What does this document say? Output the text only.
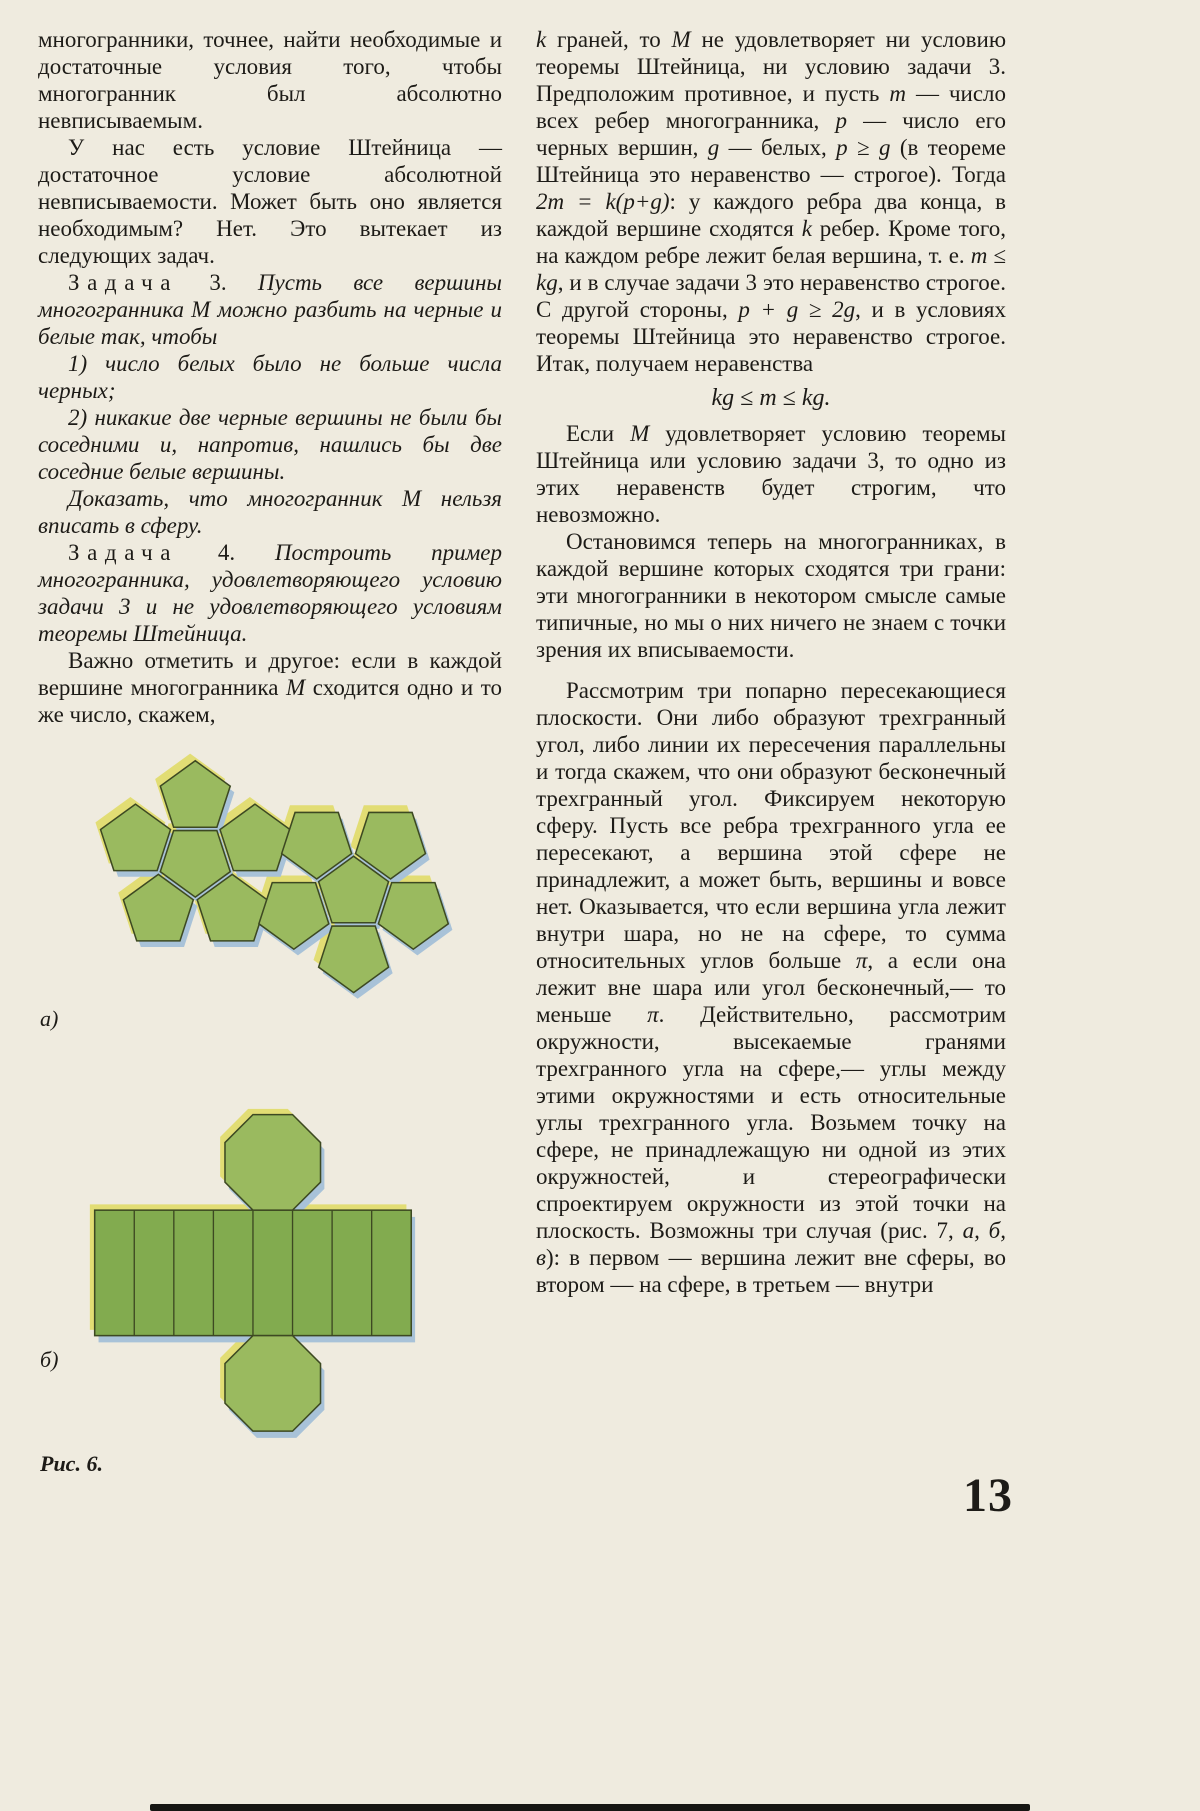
многогранники, точнее, найти необходимые и достаточные условия того, чтобы многогранник был абсолютно невписываемым.

У нас есть условие Штейница — достаточное условие абсолютной невписываемости. Может быть оно является необходимым? Нет. Это вытекает из следующих задач.

Задача 3. Пусть все вершины многогранника М можно разбить на черные и белые так, чтобы

1) число белых было не больше числа черных;

2) никакие две черные вершины не были бы соседними и, напротив, нашлись бы две соседние белые вершины.

Доказать, что многогранник М нельзя вписать в сферу.

Задача 4. Построить пример многогранника, удовлетворяющего условию задачи 3 и не удовлетворяющего условиям теоремы Штейница.

Важно отметить и другое: если в каждой вершине многогранника М сходится одно и то же число, скажем,

а)
б)
Рис. 6.

k граней, то М не удовлетворяет ни условию теоремы Штейница, ни условию задачи 3. Предположим противное, и пусть m — число всех ребер многогранника, p — число его черных вершин, g — белых, p ≥ g (в теореме Штейница это неравенство — строгое). Тогда 2m = k(p+g): у каждого ребра два конца, в каждой вершине сходятся k ребер. Кроме того, на каждом ребре лежит белая вершина, т. е. m ≤ kg, и в случае задачи 3 это неравенство строгое. С другой стороны, p + g ≥ 2g, и в условиях теоремы Штейница это неравенство строгое. Итак, получаем неравенства

kg ≤ m ≤ kg.

Если М удовлетворяет условию теоремы Штейница или условию задачи 3, то одно из этих неравенств будет строгим, что невозможно.

Остановимся теперь на многогранниках, в каждой вершине которых сходятся три грани: эти многогранники в некотором смысле самые типичные, но мы о них ничего не знаем с точки зрения их вписываемости.

Рассмотрим три попарно пересекающиеся плоскости. Они либо образуют трехгранный угол, либо линии их пересечения параллельны и тогда скажем, что они образуют бесконечный трехгранный угол. Фиксируем некоторую сферу. Пусть все ребра трехгранного угла ее пересекают, а вершина этой сфере не принадлежит, а может быть, вершины и вовсе нет. Оказывается, что если вершина угла лежит внутри шара, но не на сфере, то сумма относительных углов больше π, а если она лежит вне шара или угол бесконечный,— то меньше π. Действительно, рассмотрим окружности, высекаемые гранями трехгранного угла на сфере,— углы между этими окружностями и есть относительные углы трехгранного угла. Возьмем точку на сфере, не принадлежащую ни одной из этих окружностей, и стереографически спроектируем окружности из этой точки на плоскость. Возможны три случая (рис. 7, а, б, в): в первом — вершина лежит вне сферы, во втором — на сфере, в третьем — внутри

13
